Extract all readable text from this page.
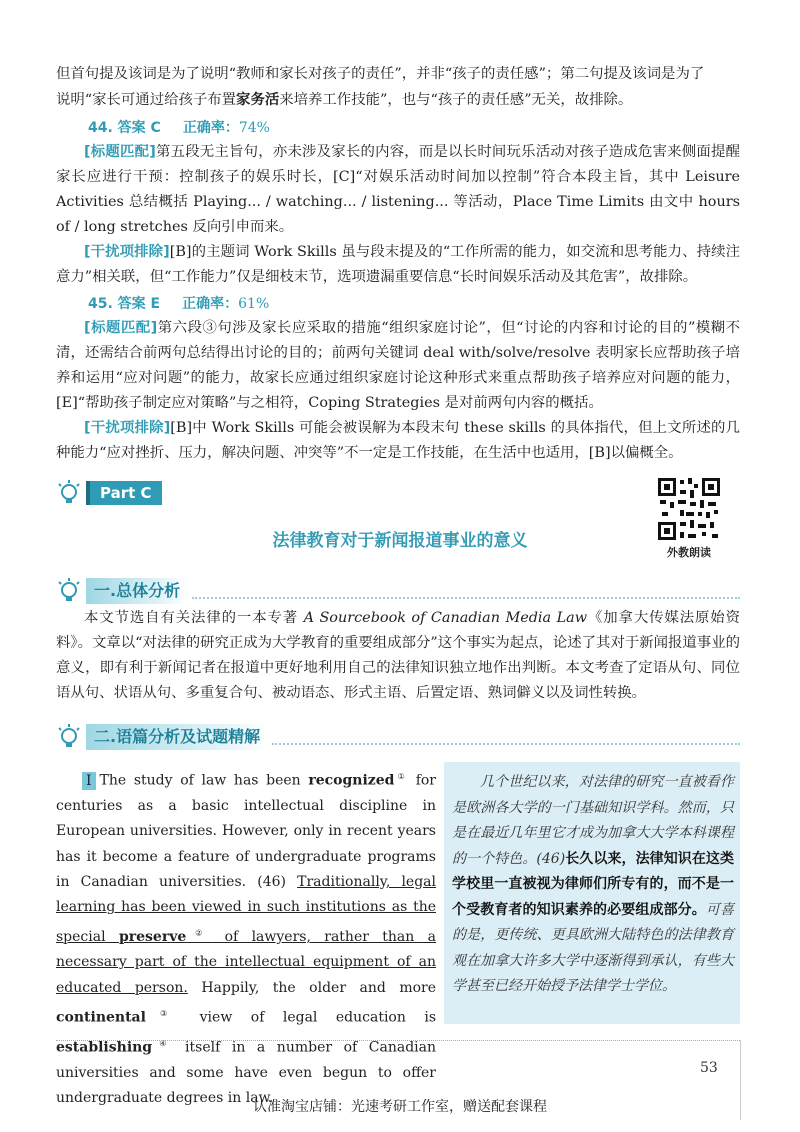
但首句提及该词是为了说明“教师和家长对孩子的责任”，并非“孩子的责任感”；第二句提及该词是为了
说明“家长可通过给孩子布置家务活来培养工作技能”，也与“孩子的责任感”无关，故排除。
44. 答案 C 正确率：74%
[标题匹配]第五段无主旨句，亦未涉及家长的内容，而是以长时间玩乐活动对孩子造成危害来侧面提醒家长应进行干预：控制孩子的娱乐时长，[C]“对娱乐活动时间加以控制”符合本段主旨，其中 Leisure Activities 总结概括 Playing... / watching... / listening... 等活动，Place Time Limits 由文中 hours of / long stretches 反向引申而来。
[干扰项排除][B]的主题词 Work Skills 虽与段末提及的“工作所需的能力，如交流和思考能力、持续注意力”相关联，但“工作能力”仅是细枝末节，选项遗漏重要信息“长时间娱乐活动及其危害”，故排除。
45. 答案 E 正确率：61%
[标题匹配]第六段③句涉及家长应采取的措施“组织家庭讨论”，但“讨论的内容和讨论的目的”模糊不清，还需结合前两句总结得出讨论的目的；前两句关键词 deal with/solve/resolve 表明家长应帮助孩子培养和运用“应对问题”的能力，故家长应通过组织家庭讨论这种形式来重点帮助孩子培养应对问题的能力，[E]“帮助孩子制定应对策略”与之相符，Coping Strategies 是对前两句内容的概括。
[干扰项排除][B]中 Work Skills 可能会被误解为本段末句 these skills 的具体指代，但上文所述的几种能力“应对挫折、压力，解决问题、冲突等”不一定是工作技能，在生活中也适用，[B]以偏概全。
Part C
外教朗读
法律教育对于新闻报道事业的意义
一.总体分析
本文节选自有关法律的一本专著 A Sourcebook of Canadian Media Law《加拿大传媒法原始资料》。文章以“对法律的研究正成为大学教育的重要组成部分”这个事实为起点，论述了其对于新闻报道事业的意义，即有利于新闻记者在报道中更好地利用自己的法律知识独立地作出判断。本文考查了定语从句、同位语从句、状语从句、多重复合句、被动语态、形式主语、后置定语、熟词僻义以及词性转换。
二.语篇分析及试题精解
I The study of law has been recognized① for centuries as a basic intellectual discipline in European universities. However, only in recent years has it become a feature of undergraduate programs in Canadian universities. (46) Traditionally, legal learning has been viewed in such institutions as the special preserve② of lawyers, rather than a necessary part of the intellectual equipment of an educated person. Happily, the older and more continental③ view of legal education is establishing④ itself in a number of Canadian universities and some have even begun to offer undergraduate degrees in law.
几个世纪以来，对法律的研究一直被看作是欧洲各大学的一门基础知识学科。然而，只是在最近几年里它才成为加拿大大学本科课程的一个特色。(46)长久以来，法律知识在这类学校里一直被视为律师们所专有的，而不是一个受教育者的知识素养的必要组成部分。可喜的是，更传统、更具欧洲大陆特色的法律教育观在加拿大许多大学中逐渐得到承认，有些大学甚至已经开始授予法律学士学位。
53
认准淘宝店铺：光速考研工作室，赠送配套课程
